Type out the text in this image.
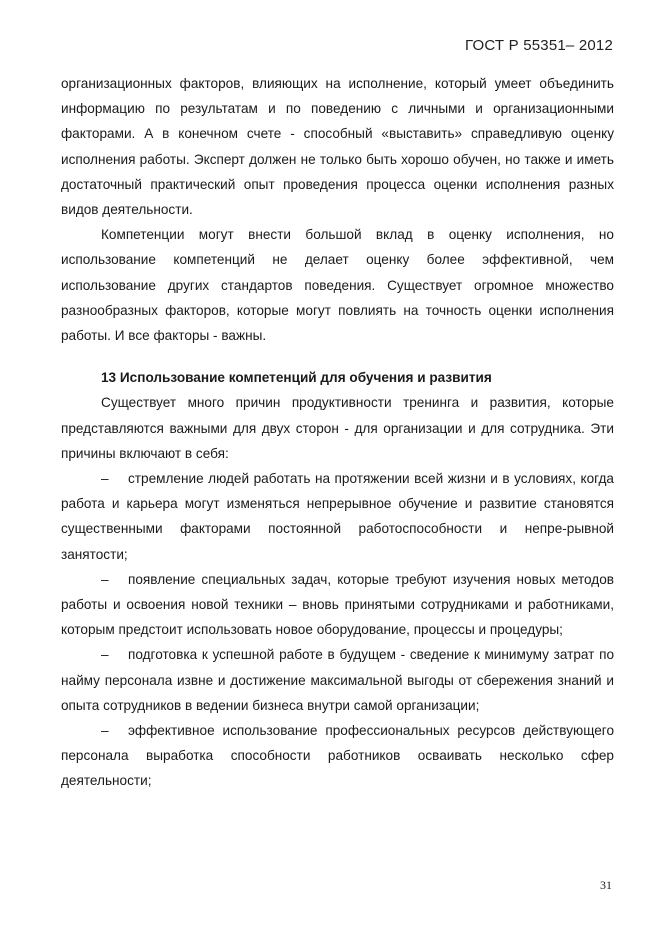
ГОСТ Р 55351– 2012

организационных факторов, влияющих на исполнение, который умеет объединить информацию по результатам и по поведению с личными и организационными факторами. А в конечном счете - способный «выставить» справедливую оценку исполнения работы. Эксперт должен не только быть хорошо обучен, но также и иметь достаточный практический опыт проведения процесса оценки исполнения разных видов деятельности.

Компетенции могут внести большой вклад в оценку исполнения, но использование компетенций не делает оценку более эффективной, чем использование других стандартов поведения. Существует огромное множество разнообразных факторов, которые могут повлиять на точность оценки исполнения работы. И все факторы - важны.

13 Использование компетенций для обучения и развития

Существует много причин продуктивности тренинга и развития, которые представляются важными для двух сторон - для организации и для сотрудника. Эти причины включают в себя:

– стремление людей работать на протяжении всей жизни и в условиях, когда работа и карьера могут изменяться непрерывное обучение и развитие становятся существенными факторами постоянной работоспособности и непре-рывной занятости;

– появление специальных задач, которые требуют изучения новых методов работы и освоения новой техники – вновь принятыми сотрудниками и работниками, которым предстоит использовать новое оборудование, процессы и процедуры;

– подготовка к успешной работе в будущем - сведение к минимуму затрат по найму персонала извне и достижение максимальной выгоды от сбережения знаний и опыта сотрудников в ведении бизнеса внутри самой организации;

– эффективное использование профессиональных ресурсов действующего персонала выработка способности работников осваивать несколько сфер деятельности;

31
